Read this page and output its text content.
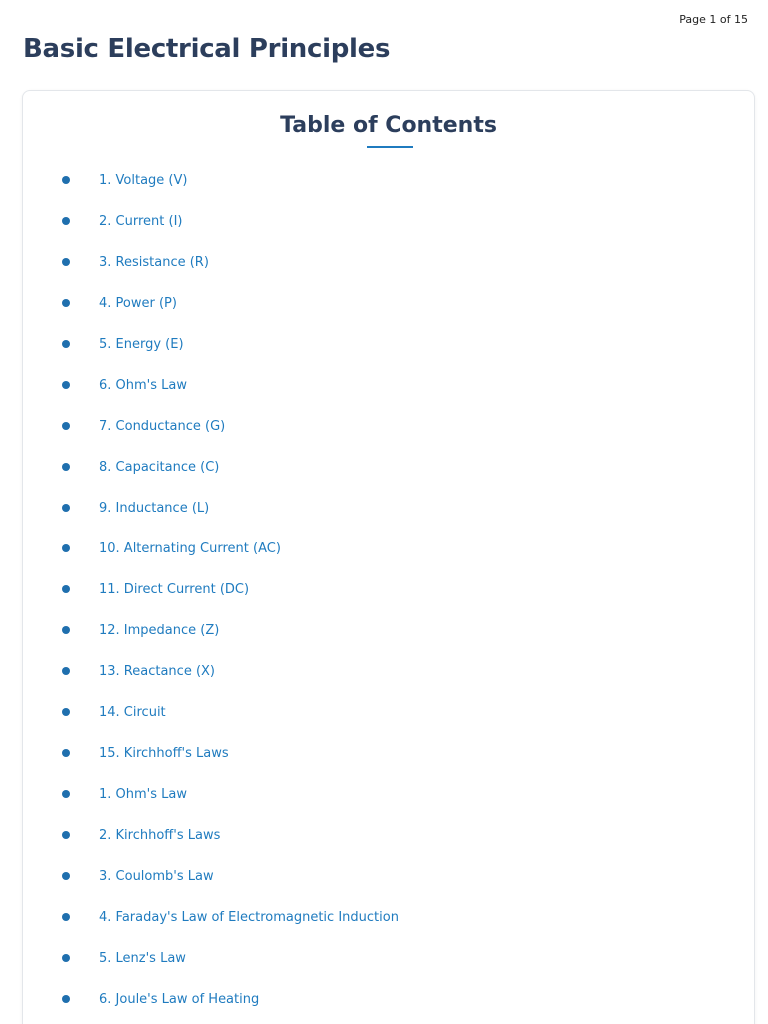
Page 1 of 15
Basic Electrical Principles
Table of Contents
1. Voltage (V)
2. Current (I)
3. Resistance (R)
4. Power (P)
5. Energy (E)
6. Ohm's Law
7. Conductance (G)
8. Capacitance (C)
9. Inductance (L)
10. Alternating Current (AC)
11. Direct Current (DC)
12. Impedance (Z)
13. Reactance (X)
14. Circuit
15. Kirchhoff's Laws
1. Ohm's Law
2. Kirchhoff's Laws
3. Coulomb's Law
4. Faraday's Law of Electromagnetic Induction
5. Lenz's Law
6. Joule's Law of Heating
